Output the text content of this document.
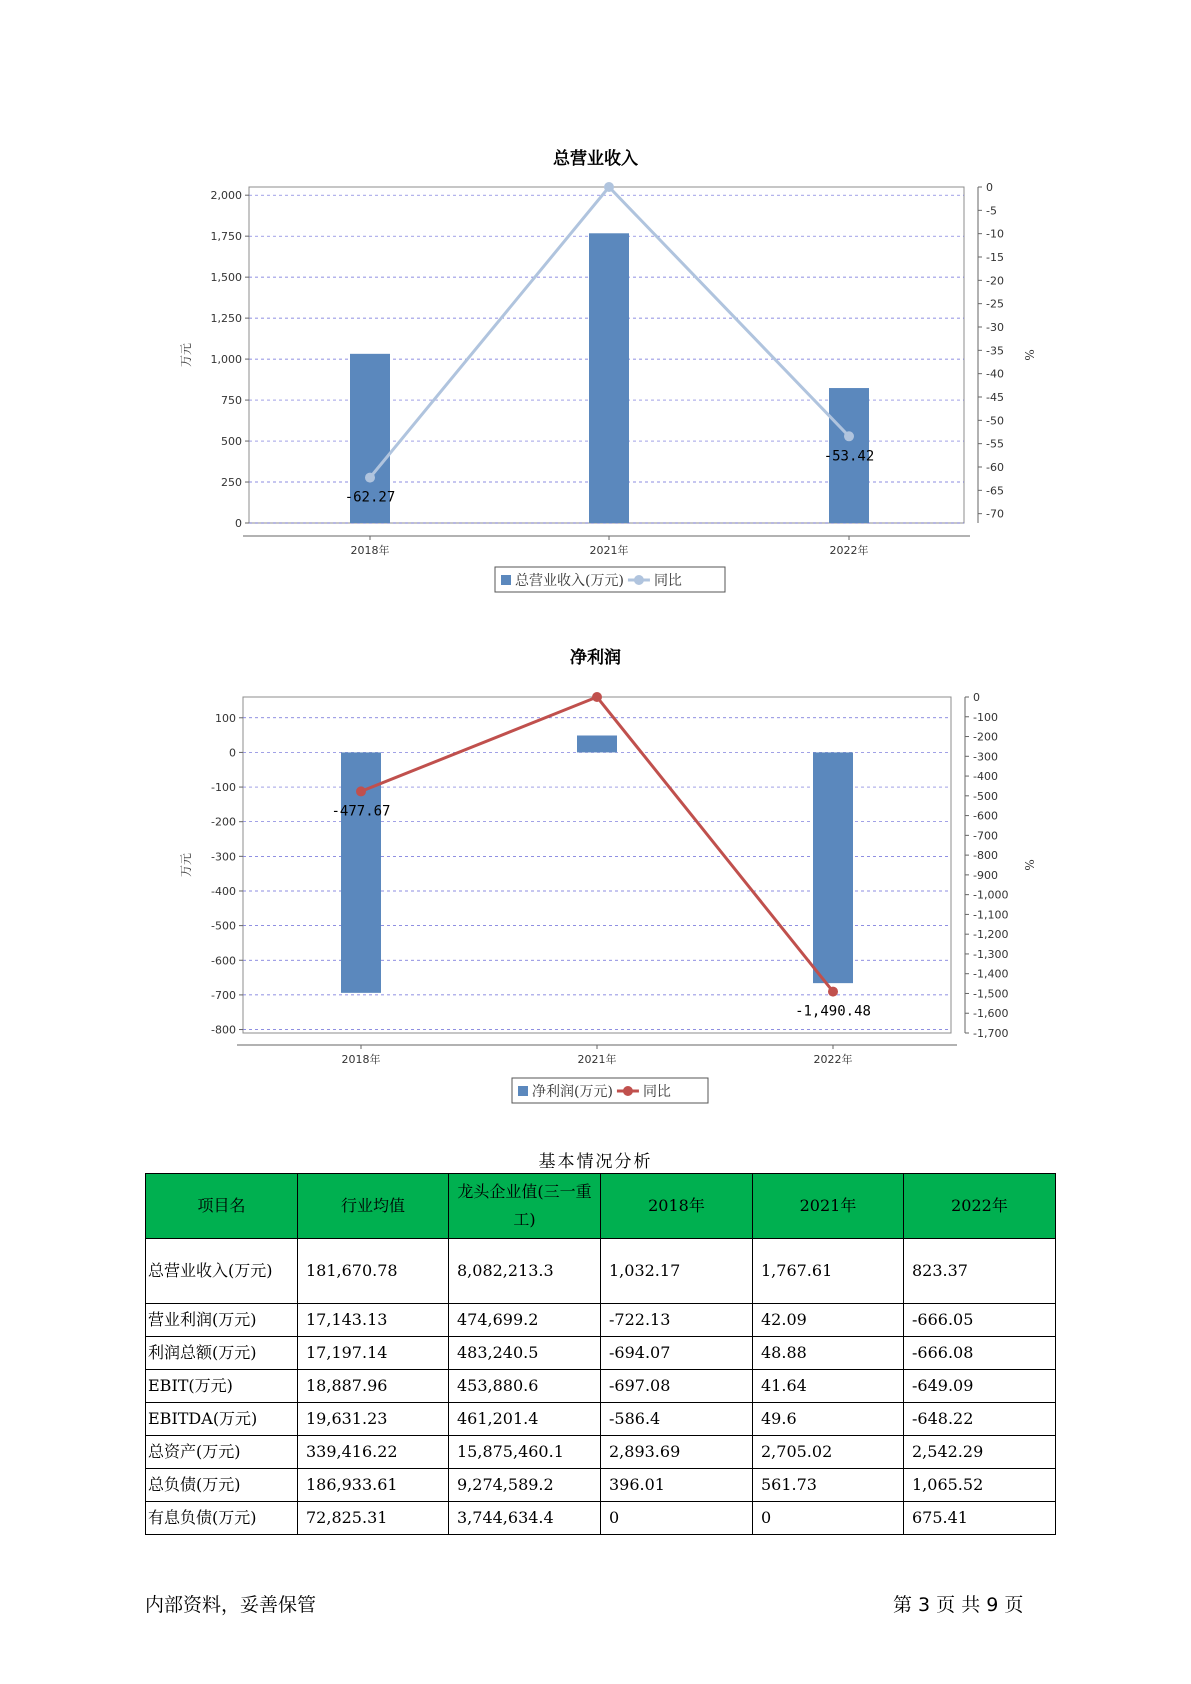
总营业收入
0
250
500
750
1,000
1,250
1,500
1,750
2,000
0
-5
-10
-15
-20
-25
-30
-35
-40
-45
-50
-55
-60
-65
-70
2018年	2021年	2022年
-62.27
-53.42
万元	%
总营业收入(万元) 同比
净利润
100
0
-100
-200
-300
-400
-500
-600
-700
-800
0
-100
-200
-300
-400
-500
-600
-700
-800
-900
-1,000
-1,100
-1,200
-1,300
-1,400
-1,500
-1,600
-1,700
2018年	2021年	2022年
-477.67
-1,490.48
万元	%
净利润(万元) 同比
基本情况分析
项目名	行业均值	龙头企业值(三一重工)	2018年	2021年	2022年
总营业收入(万元)	181,670.78	8,082,213.3	1,032.17	1,767.61	823.37
营业利润(万元)	17,143.13	474,699.2	-722.13	42.09	-666.05
利润总额(万元)	17,197.14	483,240.5	-694.07	48.88	-666.08
EBIT(万元)	18,887.96	453,880.6	-697.08	41.64	-649.09
EBITDA(万元)	19,631.23	461,201.4	-586.4	49.6	-648.22
总资产(万元)	339,416.22	15,875,460.1	2,893.69	2,705.02	2,542.29
总负债(万元)	186,933.61	9,274,589.2	396.01	561.73	1,065.52
有息负债(万元)	72,825.31	3,744,634.4	0	0	675.41
内部资料，妥善保管	第 3 页 共 9 页
